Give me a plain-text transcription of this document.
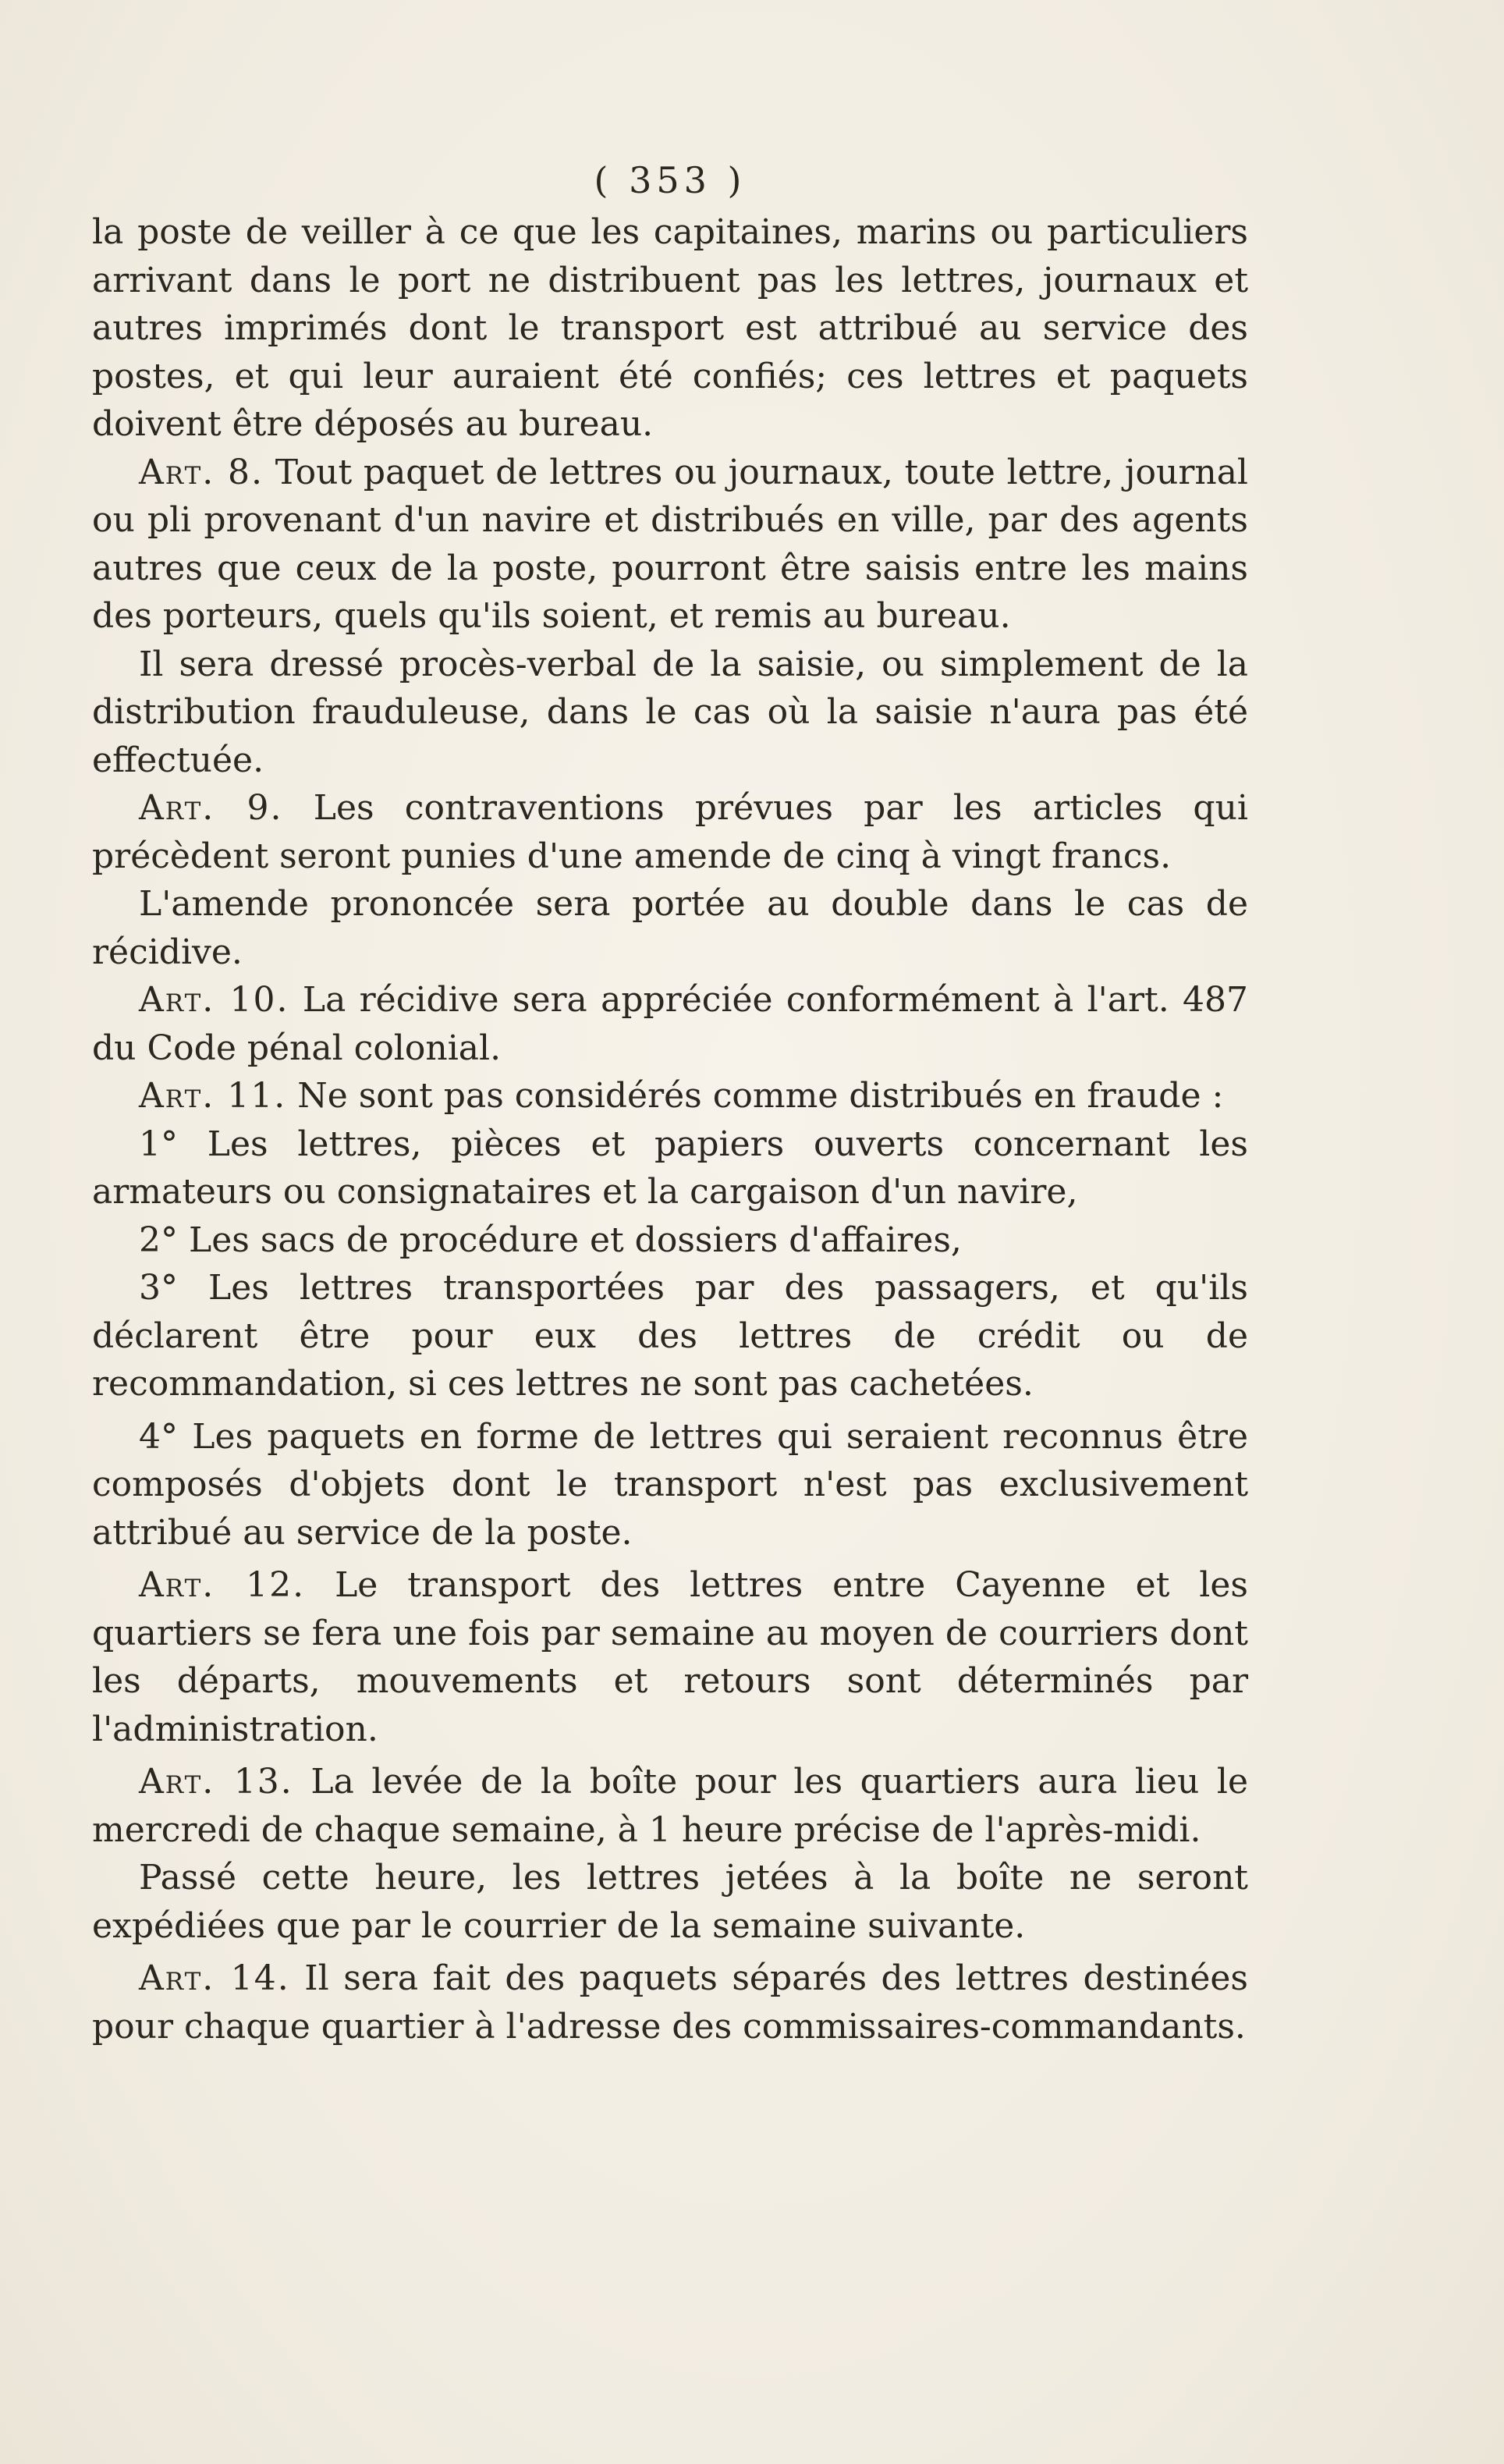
( 353 )

la poste de veiller à ce que les capitaines, marins ou particuliers arrivant dans le port ne distribuent pas les lettres, journaux et autres imprimés dont le transport est attribué au service des postes, et qui leur auraient été confiés; ces lettres et paquets doivent être déposés au bureau.

Art. 8. Tout paquet de lettres ou journaux, toute lettre, journal ou pli provenant d'un navire et distribués en ville, par des agents autres que ceux de la poste, pourront être saisis entre les mains des porteurs, quels qu'ils soient, et remis au bureau.

Il sera dressé procès-verbal de la saisie, ou simplement de la distribution frauduleuse, dans le cas où la saisie n'aura pas été effectuée.

Art. 9. Les contraventions prévues par les articles qui précèdent seront punies d'une amende de cinq à vingt francs.

L'amende prononcée sera portée au double dans le cas de récidive.

Art. 10. La récidive sera appréciée conformément à l'art. 487 du Code pénal colonial.

Art. 11. Ne sont pas considérés comme distribués en fraude :

1° Les lettres, pièces et papiers ouverts concernant les armateurs ou consignataires et la cargaison d'un navire,

2° Les sacs de procédure et dossiers d'affaires,

3° Les lettres transportées par des passagers, et qu'ils déclarent être pour eux des lettres de crédit ou de recommandation, si ces lettres ne sont pas cachetées.

4° Les paquets en forme de lettres qui seraient reconnus être composés d'objets dont le transport n'est pas exclusivement attribué au service de la poste.

Art. 12. Le transport des lettres entre Cayenne et les quartiers se fera une fois par semaine au moyen de courriers dont les départs, mouvements et retours sont déterminés par l'administration.

Art. 13. La levée de la boîte pour les quartiers aura lieu le mercredi de chaque semaine, à 1 heure précise de l'après-midi.

Passé cette heure, les lettres jetées à la boîte ne seront expédiées que par le courrier de la semaine suivante.

Art. 14. Il sera fait des paquets séparés des lettres destinées pour chaque quartier à l'adresse des commissaires-commandants.
